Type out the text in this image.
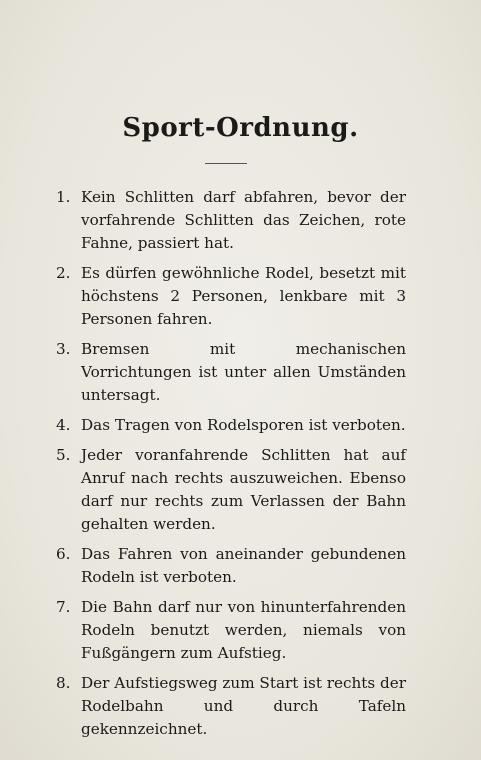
Sport-Ordnung.
1. Kein Schlitten darf abfahren, bevor der vorfahrende Schlitten das Zeichen, rote Fahne, passiert hat.
2. Es dürfen gewöhnliche Rodel, besetzt mit höchstens 2 Personen, lenkbare mit 3 Personen fahren.
3. Bremsen mit mechanischen Vorrichtungen ist unter allen Umständen untersagt.
4. Das Tragen von Rodelsporen ist verboten.
5. Jeder voranfahrende Schlitten hat auf Anruf nach rechts auszuweichen. Ebenso darf nur rechts zum Verlassen der Bahn gehalten werden.
6. Das Fahren von aneinander gebundenen Rodeln ist verboten.
7. Die Bahn darf nur von hinunterfahrenden Rodeln benutzt werden, niemals von Fußgängern zum Aufstieg.
8. Der Aufstiegsweg zum Start ist rechts der Rodelbahn und durch Tafeln gekennzeichnet.
